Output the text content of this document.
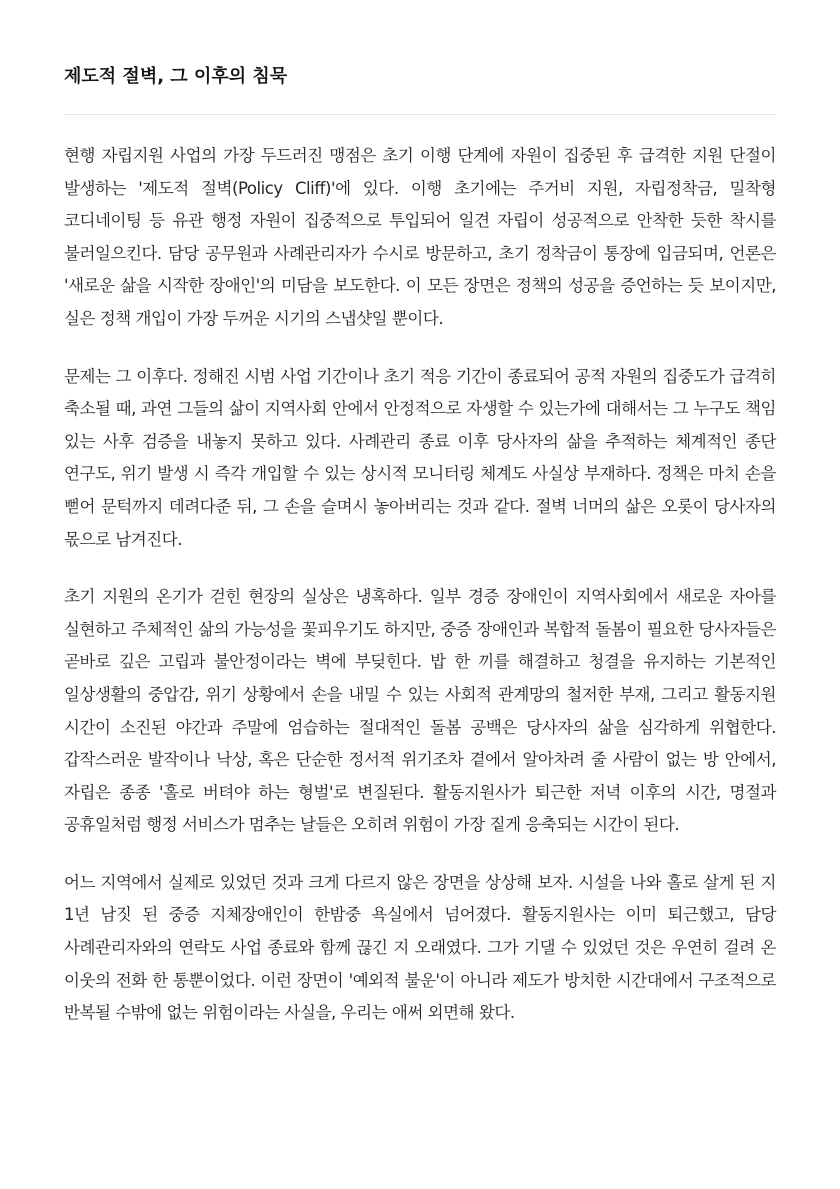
제도적 절벽, 그 이후의 침묵

현행 자립지원 사업의 가장 두드러진 맹점은 초기 이행 단계에 자원이 집중된 후 급격한 지원 단절이 발생하는 '제도적 절벽(Policy Cliff)'에 있다. 이행 초기에는 주거비 지원, 자립정착금, 밀착형 코디네이팅 등 유관 행정 자원이 집중적으로 투입되어 일견 자립이 성공적으로 안착한 듯한 착시를 불러일으킨다. 담당 공무원과 사례관리자가 수시로 방문하고, 초기 정착금이 통장에 입금되며, 언론은 '새로운 삶을 시작한 장애인'의 미담을 보도한다. 이 모든 장면은 정책의 성공을 증언하는 듯 보이지만, 실은 정책 개입이 가장 두꺼운 시기의 스냅샷일 뿐이다.

문제는 그 이후다. 정해진 시범 사업 기간이나 초기 적응 기간이 종료되어 공적 자원의 집중도가 급격히 축소될 때, 과연 그들의 삶이 지역사회 안에서 안정적으로 자생할 수 있는가에 대해서는 그 누구도 책임 있는 사후 검증을 내놓지 못하고 있다. 사례관리 종료 이후 당사자의 삶을 추적하는 체계적인 종단 연구도, 위기 발생 시 즉각 개입할 수 있는 상시적 모니터링 체계도 사실상 부재하다. 정책은 마치 손을 뻗어 문턱까지 데려다준 뒤, 그 손을 슬며시 놓아버리는 것과 같다. 절벽 너머의 삶은 오롯이 당사자의 몫으로 남겨진다.

초기 지원의 온기가 걷힌 현장의 실상은 냉혹하다. 일부 경증 장애인이 지역사회에서 새로운 자아를 실현하고 주체적인 삶의 가능성을 꽃피우기도 하지만, 중증 장애인과 복합적 돌봄이 필요한 당사자들은 곧바로 깊은 고립과 불안정이라는 벽에 부딪힌다. 밥 한 끼를 해결하고 청결을 유지하는 기본적인 일상생활의 중압감, 위기 상황에서 손을 내밀 수 있는 사회적 관계망의 철저한 부재, 그리고 활동지원 시간이 소진된 야간과 주말에 엄습하는 절대적인 돌봄 공백은 당사자의 삶을 심각하게 위협한다. 갑작스러운 발작이나 낙상, 혹은 단순한 정서적 위기조차 곁에서 알아차려 줄 사람이 없는 방 안에서, 자립은 종종 '홀로 버텨야 하는 형벌'로 변질된다. 활동지원사가 퇴근한 저녁 이후의 시간, 명절과 공휴일처럼 행정 서비스가 멈추는 날들은 오히려 위험이 가장 짙게 응축되는 시간이 된다.

어느 지역에서 실제로 있었던 것과 크게 다르지 않은 장면을 상상해 보자. 시설을 나와 홀로 살게 된 지 1년 남짓 된 중증 지체장애인이 한밤중 욕실에서 넘어졌다. 활동지원사는 이미 퇴근했고, 담당 사례관리자와의 연락도 사업 종료와 함께 끊긴 지 오래였다. 그가 기댈 수 있었던 것은 우연히 걸려 온 이웃의 전화 한 통뿐이었다. 이런 장면이 '예외적 불운'이 아니라 제도가 방치한 시간대에서 구조적으로 반복될 수밖에 없는 위험이라는 사실을, 우리는 애써 외면해 왔다.
